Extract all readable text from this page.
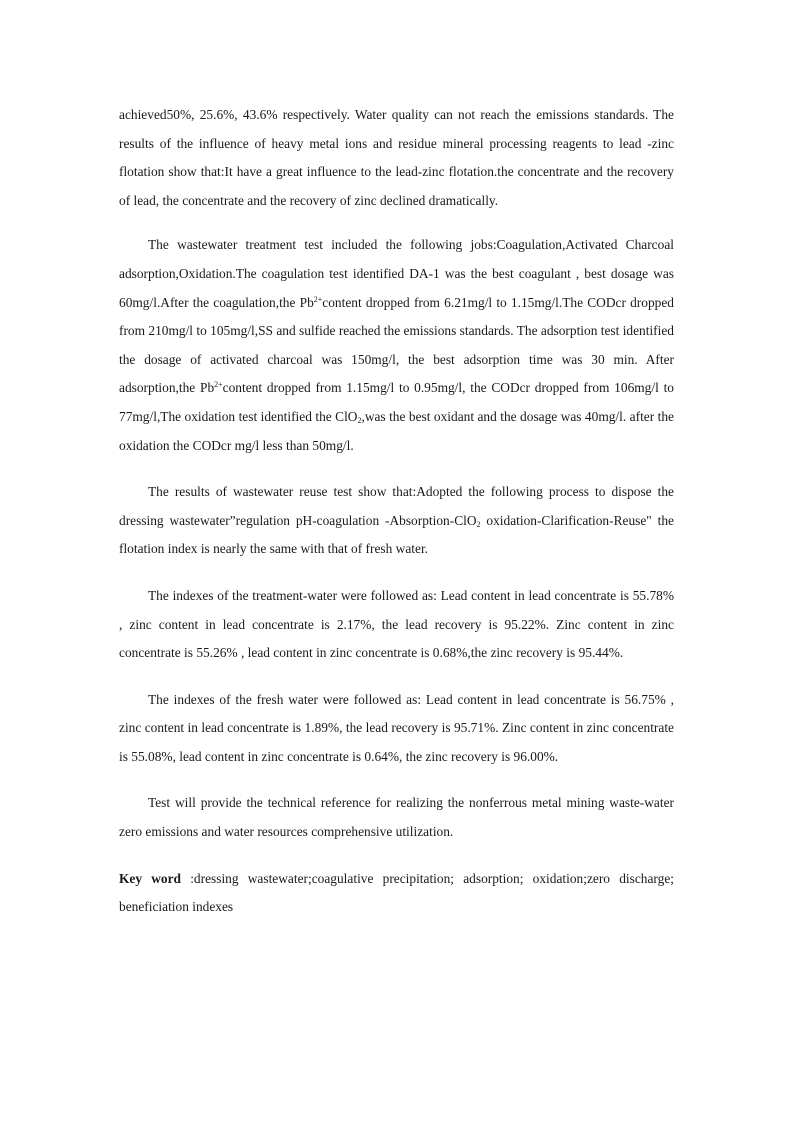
achieved50%, 25.6%, 43.6% respectively. Water quality can not reach the emissions standards. The results of the influence of heavy metal ions and residue mineral processing reagents to lead -zinc flotation show that:It have a great influence to the lead-zinc flotation.the concentrate and the recovery of lead, the concentrate and the recovery of zinc declined dramatically.

The wastewater treatment test included the following jobs:Coagulation,Activated Charcoal adsorption,Oxidation.The coagulation test identified DA-1 was the best coagulant , best dosage was 60mg/l.After the coagulation,the $Pb^{2+}content$ dropped from 6.21mg/l to 1.15mg/l.The CODcr dropped from 210mg/l to 105mg/l,SS and sulfide reached the emissions standards. The adsorption test identified the dosage of activated charcoal was 150mg/l, the best adsorption time was 30 min. After adsorption,the $Pb^{2+}content$ dropped from 1.15mg/l to 0.95mg/l, the CODcr dropped from 106mg/l to 77mg/l,The oxidation test identified the ClO$_2$,was the best oxidant and the dosage was 40mg/l. after the oxidation the CODcr mg/l less than 50mg/l.

The results of wastewater reuse test show that:Adopted the following process to dispose the dressing wastewater”regulation pH-coagulation -Absorption-ClO$_2$ oxidation-Clarification-Reuse" the flotation index is nearly the same with that of fresh water.

The indexes of the treatment-water were followed as: Lead content in lead concentrate is 55.78% , zinc content in lead concentrate is 2.17%, the lead recovery is 95.22%. Zinc content in zinc concentrate is 55.26% , lead content in zinc concentrate is 0.68%,the zinc recovery is 95.44%.

The indexes of the fresh water were followed as: Lead content in lead concentrate is 56.75% , zinc content in lead concentrate is 1.89%, the lead recovery is 95.71%. Zinc content in zinc concentrate is 55.08%, lead content in zinc concentrate is 0.64%, the zinc recovery is 96.00%.

Test will provide the technical reference for realizing the nonferrous metal mining waste-water zero emissions and water resources comprehensive utilization.

Key word :dressing wastewater;coagulative precipitation; adsorption; oxidation;zero discharge; beneficiation indexes
